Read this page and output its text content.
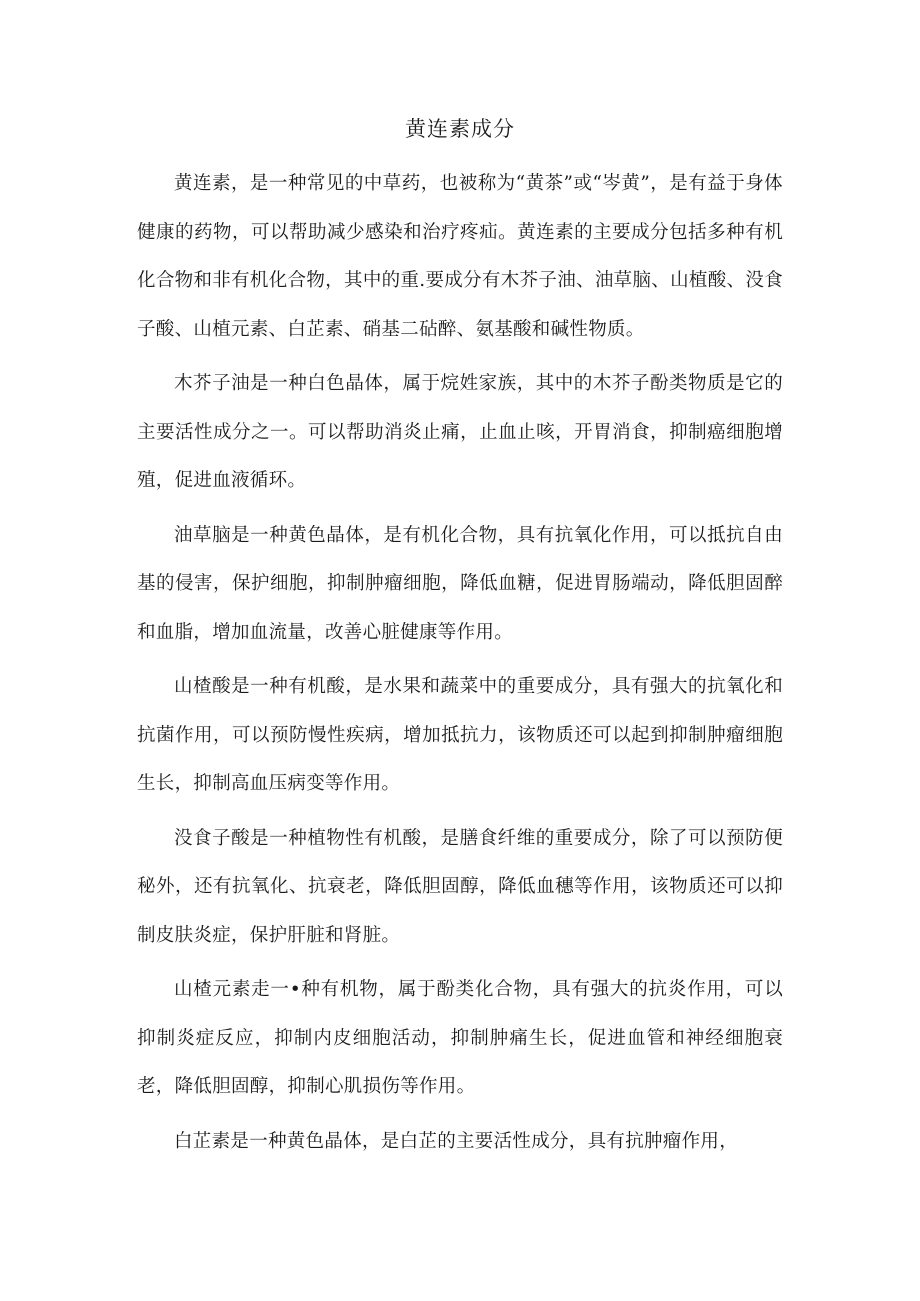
黄连素成分

黄连素，是一种常见的中草药，也被称为“黄茶”或“岑黄”，是有益于身体健康的药物，可以帮助减少感染和治疗疼疝。黄连素的主要成分包括多种有机化合物和非有机化合物，其中的重.要成分有木芥子油、油草脑、山植酸、没食子酸、山植元素、白芷素、硝基二砧醉、氨基酸和碱性物质。

木芥子油是一种白色晶体，属于烷姓家族，其中的木芥子酚类物质是它的主要活性成分之一。可以帮助消炎止痛，止血止咳，开胃消食，抑制癌细胞增殖，促进血液循环。

油草脑是一种黄色晶体，是有机化合物，具有抗氧化作用，可以抵抗自由基的侵害，保护细胞，抑制肿瘤细胞，降低血糖，促进胃肠端动，降低胆固醉和血脂，增加血流量，改善心脏健康等作用。

山楂酸是一种有机酸，是水果和蔬菜中的重要成分，具有强大的抗氧化和抗菌作用，可以预防慢性疾病，增加抵抗力，该物质还可以起到抑制肿瘤细胞生长，抑制高血压病变等作用。

没食子酸是一种植物性有机酸，是膳食纤维的重要成分，除了可以预防便秘外，还有抗氧化、抗衰老，降低胆固醇，降低血穗等作用，该物质还可以抑制皮肤炎症，保护肝脏和肾脏。

山楂元素走一•种有机物，属于酚类化合物，具有强大的抗炎作用，可以抑制炎症反应，抑制内皮细胞活动，抑制肿痛生长，促进血管和神经细胞衰老，降低胆固醇，抑制心肌损伤等作用。

白芷素是一种黄色晶体，是白芷的主要活性成分，具有抗肿瘤作用，
